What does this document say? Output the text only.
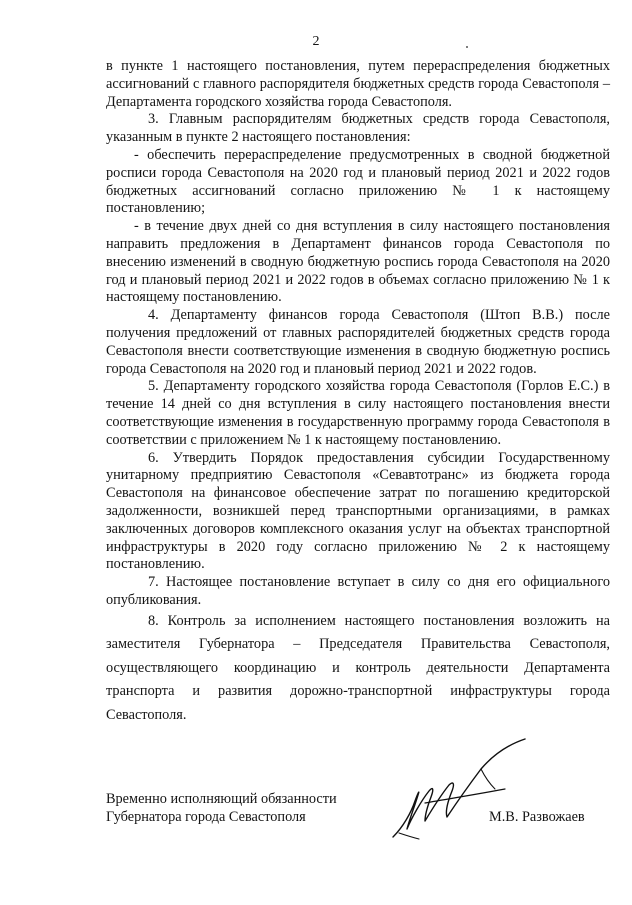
2

в пункте 1 настоящего постановления, путем перераспределения бюджетных ассигнований с главного распорядителя бюджетных средств города Севастополя – Департамента городского хозяйства города Севастополя.

3. Главным распорядителям бюджетных средств города Севастополя, указанным в пункте 2 настоящего постановления:

- обеспечить перераспределение предусмотренных в сводной бюджетной росписи города Севастополя на 2020 год и плановый период 2021 и 2022 годов бюджетных ассигнований согласно приложению № 1 к настоящему постановлению;

- в течение двух дней со дня вступления в силу настоящего постановления направить предложения в Департамент финансов города Севастополя по внесению изменений в сводную бюджетную роспись города Севастополя на 2020 год и плановый период 2021 и 2022 годов в объемах согласно приложению № 1 к настоящему постановлению.

4. Департаменту финансов города Севастополя (Штоп В.В.) после получения предложений от главных распорядителей бюджетных средств города Севастополя внести соответствующие изменения в сводную бюджетную роспись города Севастополя на 2020 год и плановый период 2021 и 2022 годов.

5. Департаменту городского хозяйства города Севастополя (Горлов Е.С.) в течение 14 дней со дня вступления в силу настоящего постановления внести соответствующие изменения в государственную программу города Севастополя в соответствии с приложением № 1 к настоящему постановлению.

6. Утвердить Порядок предоставления субсидии Государственному унитарному предприятию Севастополя «Севавтотранс» из бюджета города Севастополя на финансовое обеспечение затрат по погашению кредиторской задолженности, возникшей перед транспортными организациями, в рамках заключенных договоров комплексного оказания услуг на объектах транспортной инфраструктуры в 2020 году согласно приложению № 2 к настоящему постановлению.

7. Настоящее постановление вступает в силу со дня его официального опубликования.

8. Контроль за исполнением настоящего постановления возложить на заместителя Губернатора – Председателя Правительства Севастополя, осуществляющего координацию и контроль деятельности Департамента транспорта и развития дорожно-транспортной инфраструктуры города Севастополя.

Временно исполняющий обязанности
Губернатора города Севастополя	М.В. Развожаев
